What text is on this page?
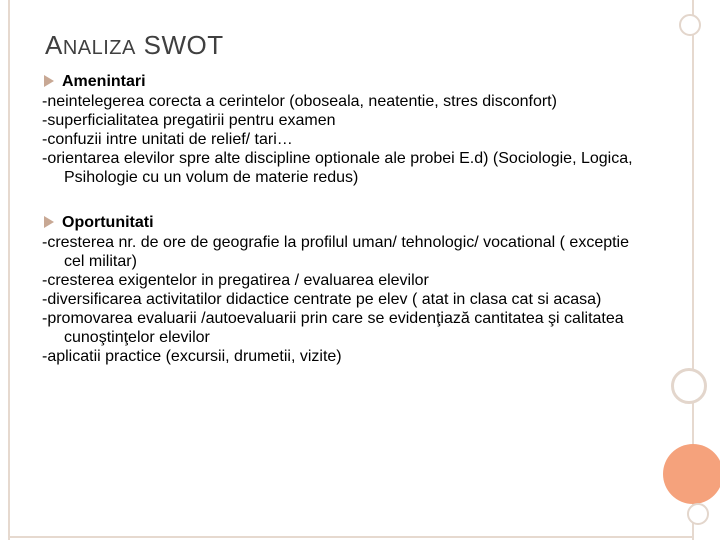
ANALIZA SWOT
Amenintari

-neintelegerea corecta a cerintelor (oboseala, neatentie, stres disconfort)

-superficialitatea pregatirii pentru examen

-confuzii intre unitati de relief/ tari…

-orientarea elevilor spre alte discipline optionale ale probei E.d) (Sociologie, Logica, Psihologie cu un volum de materie redus)

Oportunitati

-cresterea nr. de ore de geografie la profilul uman/ tehnologic/ vocational ( exceptie cel militar)

-cresterea exigentelor in pregatirea / evaluarea elevilor

-diversificarea activitatilor didactice centrate pe elev ( atat in clasa cat si acasa)

-promovarea evaluarii /autoevaluarii prin care se evidenţiază cantitatea şi calitatea cunoştinţelor elevilor

-aplicatii practice (excursii, drumetii, vizite)
